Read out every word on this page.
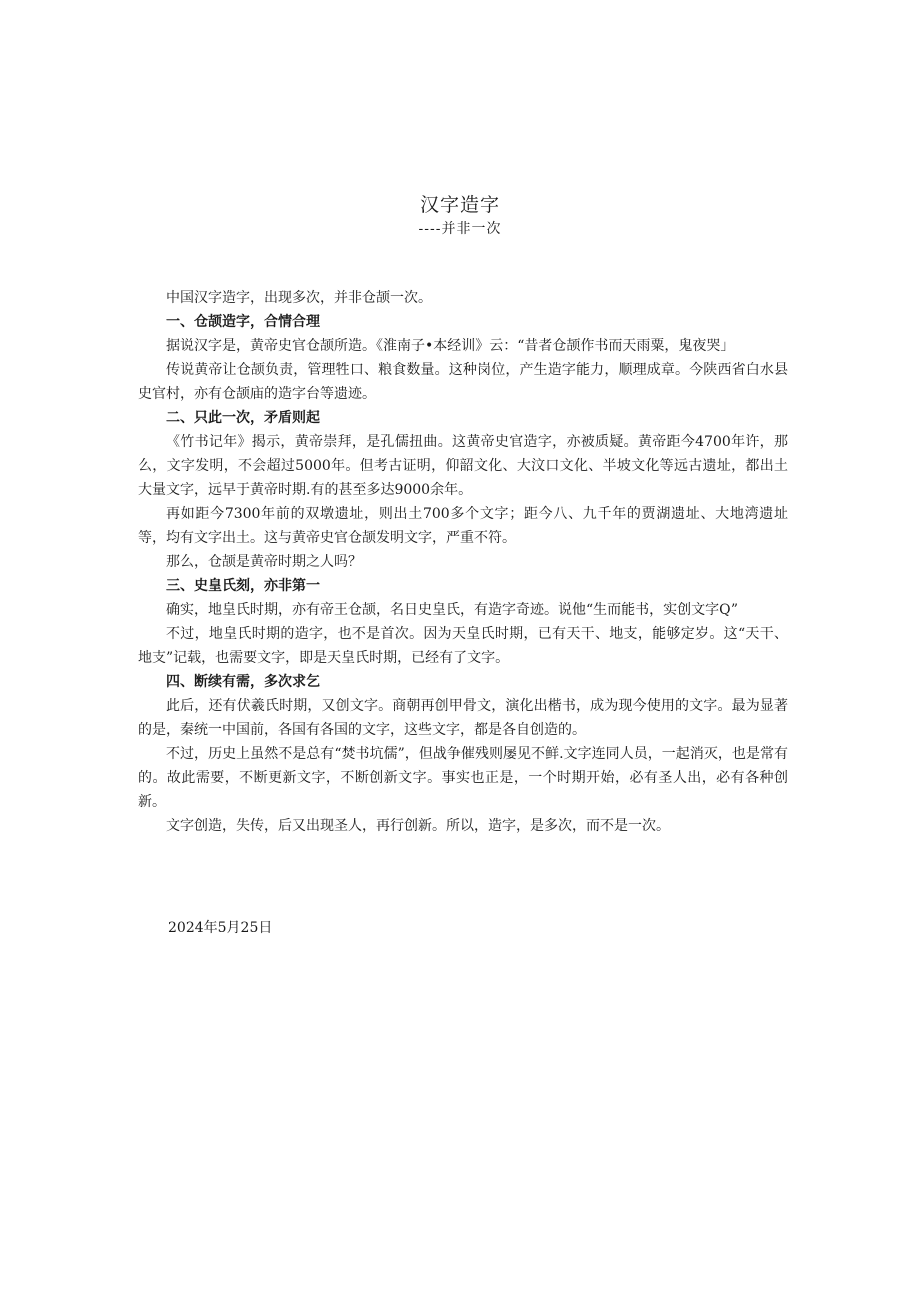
汉字造字
----并非一次

中国汉字造字，出现多次，并非仓颉一次。

一、仓颉造字，合情合理

据说汉字是，黄帝史官仓颉所造。《淮南子•本经训》云：“昔者仓颉作书而天雨粟，鬼夜哭」

传说黄帝让仓颉负责，管理牲口、粮食数量。这种岗位，产生造字能力，顺理成章。今陕西省白水县史官村，亦有仓颉庙的造字台等遗迹。

二、只此一次，矛盾则起

《竹书记年》揭示，黄帝崇拜，是孔儒扭曲。这黄帝史官造字，亦被质疑。黄帝距今4700年许，那么，文字发明，不会超过5000年。但考古证明，仰韶文化、大汶口文化、半坡文化等远古遗址，都出土大量文字，远早于黄帝时期.有的甚至多达9000余年。

再如距今7300年前的双墩遗址，则出土700多个文字；距今八、九千年的贾湖遗址、大地湾遗址等，均有文字出土。这与黄帝史官仓颉发明文字，严重不符。

那么，仓颉是黄帝时期之人吗？

三、史皇氏刻，亦非第一

确实，地皇氏时期，亦有帝王仓颉，名日史皇氏，有造字奇迹。说他“生而能书，实创文字Q”

不过，地皇氏时期的造字，也不是首次。因为天皇氏时期，已有天干、地支，能够定岁。这“天干、地支”记载，也需要文字，即是天皇氏时期，已经有了文字。

四、断续有需，多次求乞

此后，还有伏羲氏时期，又创文字。商朝再创甲骨文，演化出楷书，成为现今使用的文字。最为显著的是，秦统一中国前，各国有各国的文字，这些文字，都是各自创造的。

不过，历史上虽然不是总有“焚书坑儒”，但战争催残则屡见不鲜.文字连同人员，一起消灭，也是常有的。故此需要，不断更新文字，不断创新文字。事实也正是，一个时期开始，必有圣人出，必有各种创新。

文字创造，失传，后又出现圣人，再行创新。所以，造字，是多次，而不是一次。

2024年5月25日
